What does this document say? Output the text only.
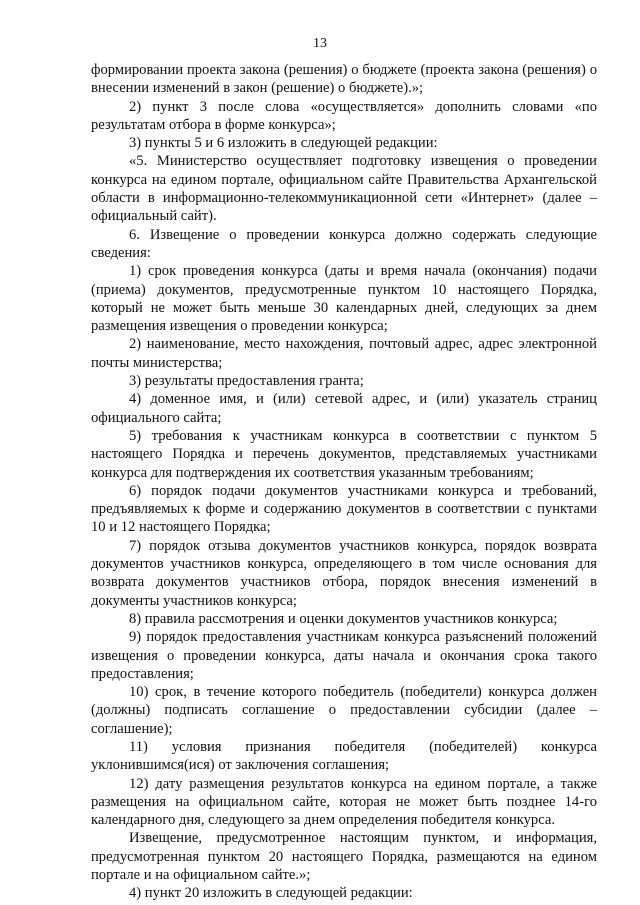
13

формировании проекта закона (решения) о бюджете (проекта закона (решения) о внесении изменений в закон (решение) о бюджете).»;

2) пункт 3 после слова «осуществляется» дополнить словами «по результатам отбора в форме конкурса»;

3) пункты 5 и 6 изложить в следующей редакции:

«5. Министерство осуществляет подготовку извещения о проведении конкурса на едином портале, официальном сайте Правительства Архангельской области в информационно-телекоммуникационной сети «Интернет» (далее – официальный сайт).

6. Извещение о проведении конкурса должно содержать следующие сведения:

1) срок проведения конкурса (даты и время начала (окончания) подачи (приема) документов, предусмотренные пунктом 10 настоящего Порядка, который не может быть меньше 30 календарных дней, следующих за днем размещения извещения о проведении конкурса;

2) наименование, место нахождения, почтовый адрес, адрес электронной почты министерства;

3) результаты предоставления гранта;

4) доменное имя, и (или) сетевой адрес, и (или) указатель страниц официального сайта;

5) требования к участникам конкурса в соответствии с пунктом 5 настоящего Порядка и перечень документов, представляемых участниками конкурса для подтверждения их соответствия указанным требованиям;

6) порядок подачи документов участниками конкурса и требований, предъявляемых к форме и содержанию документов в соответствии с пунктами 10 и 12 настоящего Порядка;

7) порядок отзыва документов участников конкурса, порядок возврата документов участников конкурса, определяющего в том числе основания для возврата документов участников отбора, порядок внесения изменений в документы участников конкурса;

8) правила рассмотрения и оценки документов участников конкурса;

9) порядок предоставления участникам конкурса разъяснений положений извещения о проведении конкурса, даты начала и окончания срока такого предоставления;

10) срок, в течение которого победитель (победители) конкурса должен (должны) подписать соглашение о предоставлении субсидии (далее – соглашение);

11) условия признания победителя (победителей) конкурса уклонившимся(ися) от заключения соглашения;

12) дату размещения результатов конкурса на едином портале, а также размещения на официальном сайте, которая не может быть позднее 14-го календарного дня, следующего за днем определения победителя конкурса.

Извещение, предусмотренное настоящим пунктом, и информация, предусмотренная пунктом 20 настоящего Порядка, размещаются на едином портале и на официальном сайте.»;

4) пункт 20 изложить в следующей редакции:
